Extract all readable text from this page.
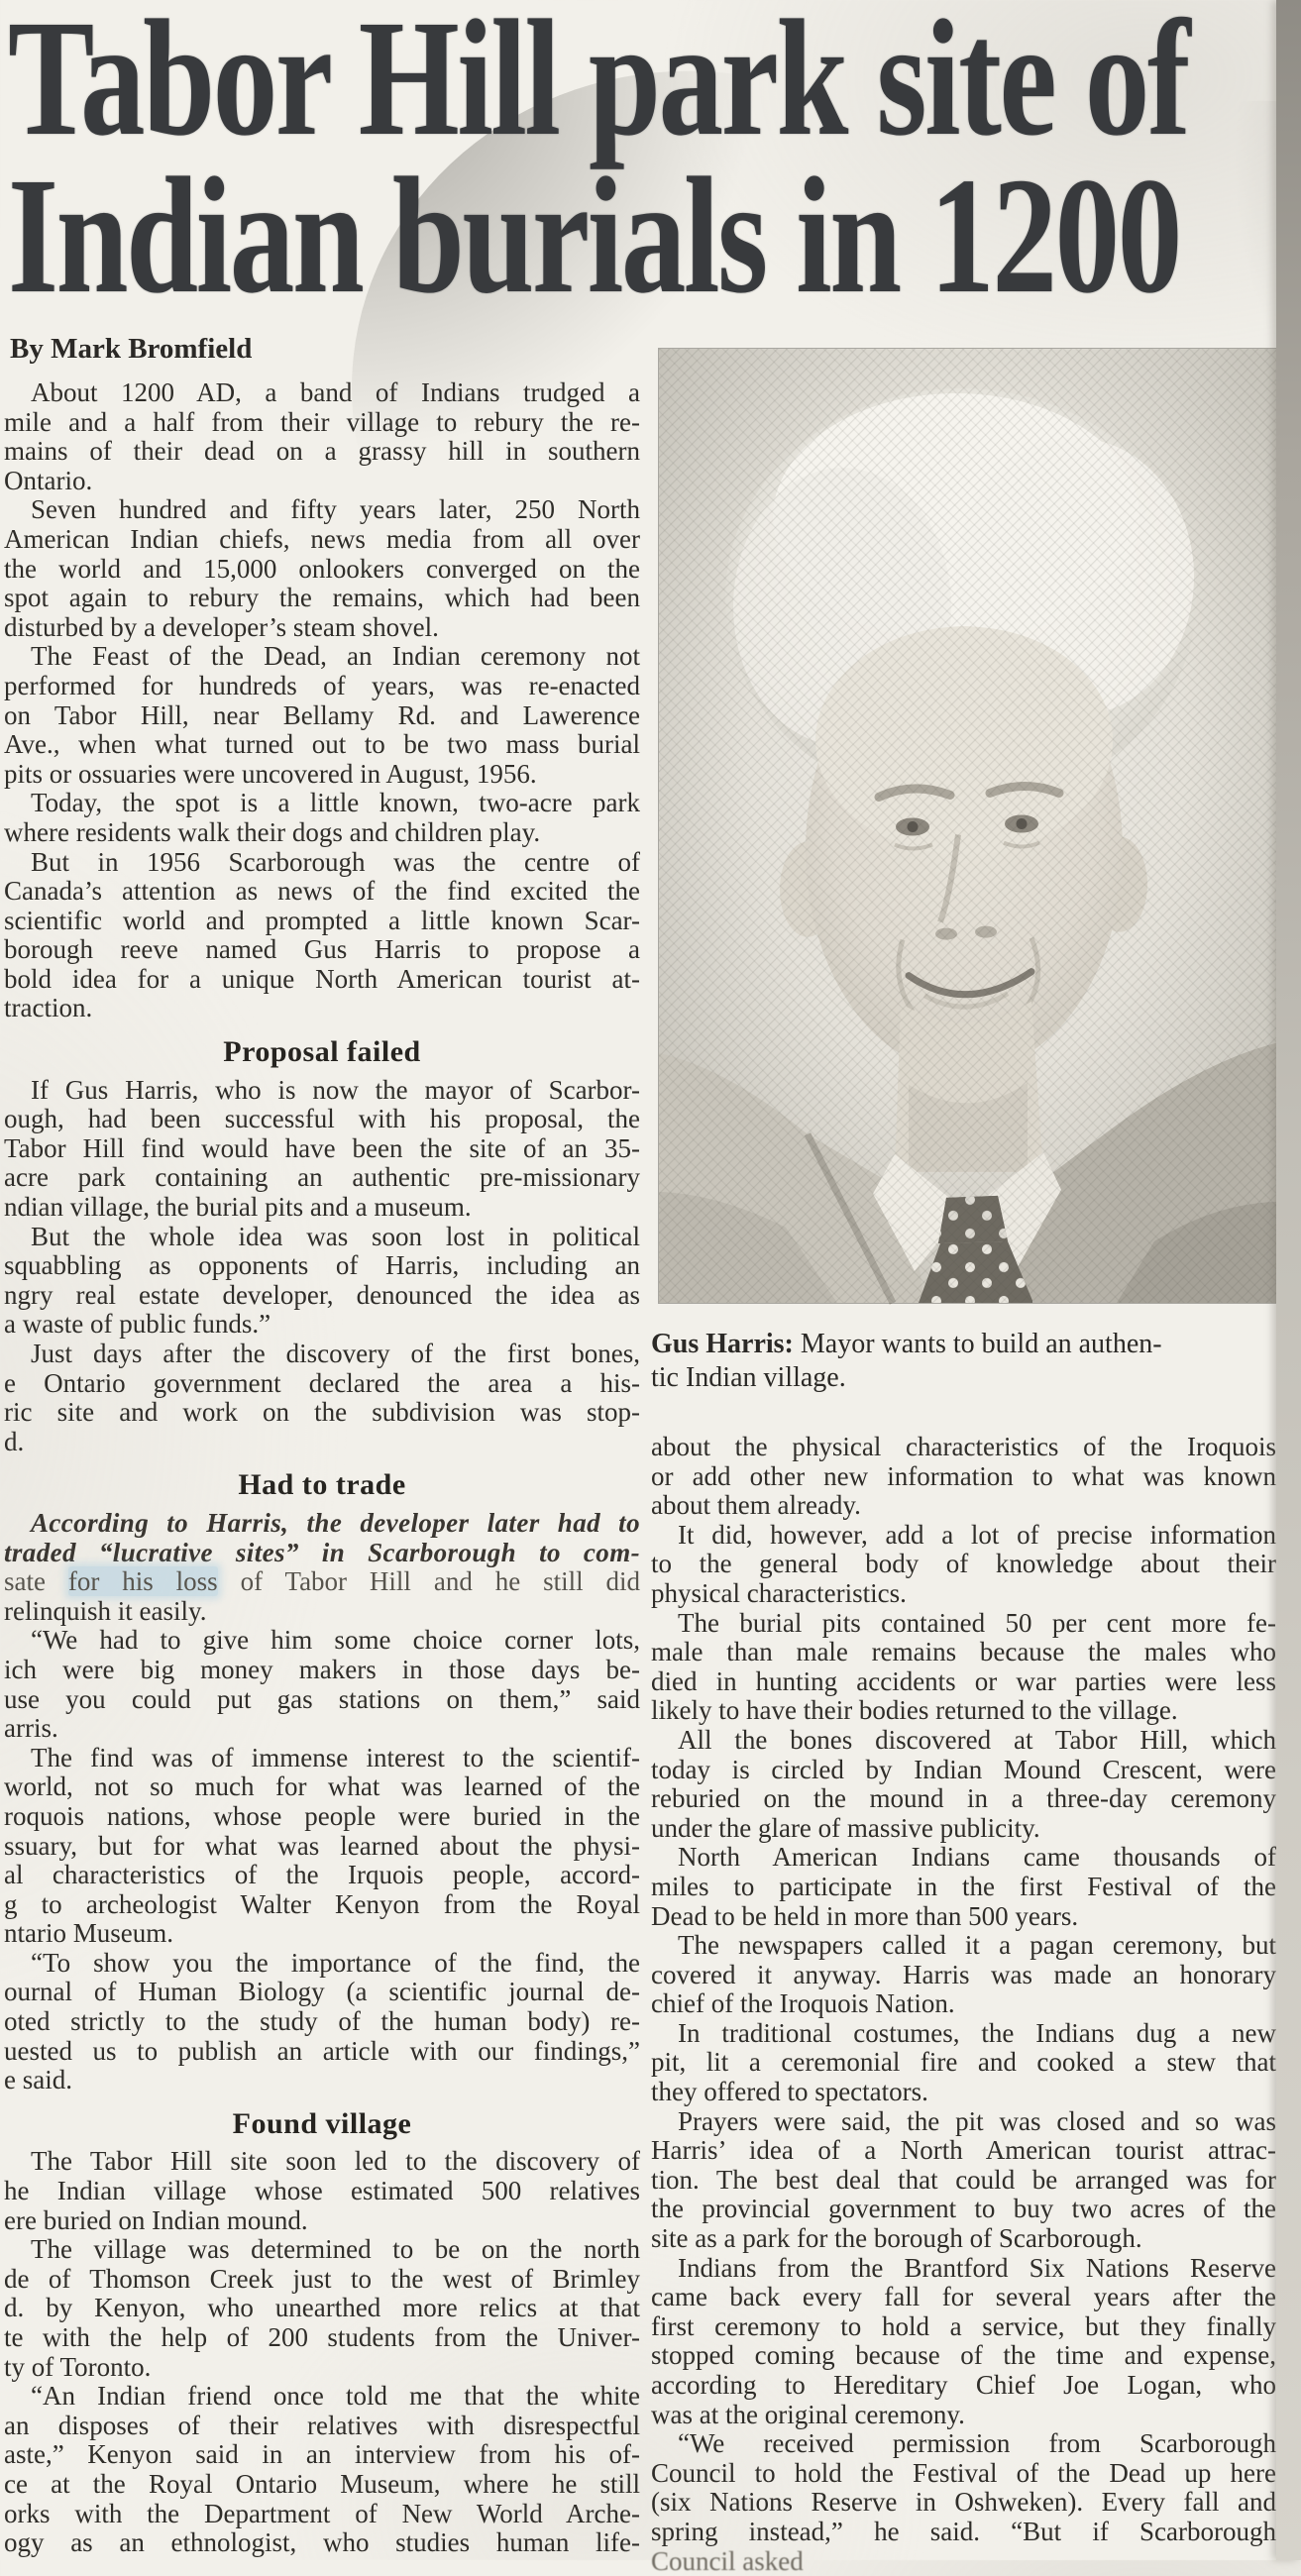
Tabor Hill park site of
Indian burials in 1200
By Mark Bromfield
About 1200 AD, a band of Indians trudged a
mile and a half from their village to rebury the re-
mains of their dead on a grassy hill in southern
Ontario.
Seven hundred and fifty years later, 250 North
American Indian chiefs, news media from all over
the world and 15,000 onlookers converged on the
spot again to rebury the remains, which had been
disturbed by a developer’s steam shovel.
The Feast of the Dead, an Indian ceremony not
performed for hundreds of years, was re-enacted
on Tabor Hill, near Bellamy Rd. and Lawerence
Ave., when what turned out to be two mass burial
pits or ossuaries were uncovered in August, 1956.
Today, the spot is a little known, two-acre park
where residents walk their dogs and children play.
But in 1956 Scarborough was the centre of
Canada’s attention as news of the find excited the
scientific world and prompted a little known Scar-
borough reeve named Gus Harris to propose a
bold idea for a unique North American tourist at-
traction.
Proposal failed
If Gus Harris, who is now the mayor of Scarbor-
ough, had been successful with his proposal, the
Tabor Hill find would have been the site of an 35-
acre park containing an authentic pre-missionary
ndian village, the burial pits and a museum.
But the whole idea was soon lost in political
squabbling as opponents of Harris, including an
ngry real estate developer, denounced the idea as
a waste of public funds.”
Just days after the discovery of the first bones,
e Ontario government declared the area a his-
ric site and work on the subdivision was stop-
d.
Had to trade
According to Harris, the developer later had to
traded “lucrative sites” in Scarborough to com-
sate for his loss of Tabor Hill and he still did
relinquish it easily.
“We had to give him some choice corner lots,
ich were big money makers in those days be-
use you could put gas stations on them,” said
arris.
The find was of immense interest to the scientif-
world, not so much for what was learned of the
roquois nations, whose people were buried in the
ssuary, but for what was learned about the physi-
al characteristics of the Irquois people, accord-
g to archeologist Walter Kenyon from the Royal
ntario Museum.
“To show you the importance of the find, the
ournal of Human Biology (a scientific journal de-
oted strictly to the study of the human body) re-
uested us to publish an article with our findings,”
e said.
Found village
The Tabor Hill site soon led to the discovery of
he Indian village whose estimated 500 relatives
ere buried on Indian mound.
The village was determined to be on the north
de of Thomson Creek just to the west of Brimley
d. by Kenyon, who unearthed more relics at that
te with the help of 200 students from the Univer-
ty of Toronto.
“An Indian friend once told me that the white
an disposes of their relatives with disrespectful
aste,” Kenyon said in an interview from his of-
ce at the Royal Ontario Museum, where he still
orks with the Department of New World Arche-
ogy as an ethnologist, who studies human life-
Gus Harris: Mayor wants to build an authen-
tic Indian village.
about the physical characteristics of the Iroquois
or add other new information to what was known
about them already.
It did, however, add a lot of precise information
to the general body of knowledge about their
physical characteristics.
The burial pits contained 50 per cent more fe-
male than male remains because the males who
died in hunting accidents or war parties were less
likely to have their bodies returned to the village.
All the bones discovered at Tabor Hill, which
today is circled by Indian Mound Crescent, were
reburied on the mound in a three-day ceremony
under the glare of massive publicity.
North American Indians came thousands of
miles to participate in the first Festival of the
Dead to be held in more than 500 years.
The newspapers called it a pagan ceremony, but
covered it anyway. Harris was made an honorary
chief of the Iroquois Nation.
In traditional costumes, the Indians dug a new
pit, lit a ceremonial fire and cooked a stew that
they offered to spectators.
Prayers were said, the pit was closed and so was
Harris’ idea of a North American tourist attrac-
tion. The best deal that could be arranged was for
the provincial government to buy two acres of the
site as a park for the borough of Scarborough.
Indians from the Brantford Six Nations Reserve
came back every fall for several years after the
first ceremony to hold a service, but they finally
stopped coming because of the time and expense,
according to Hereditary Chief Joe Logan, who
was at the original ceremony.
“We received permission from Scarborough
Council to hold the Festival of the Dead up here
(six Nations Reserve in Oshweken). Every fall and
spring instead,” he said. “But if Scarborough
Council asked
